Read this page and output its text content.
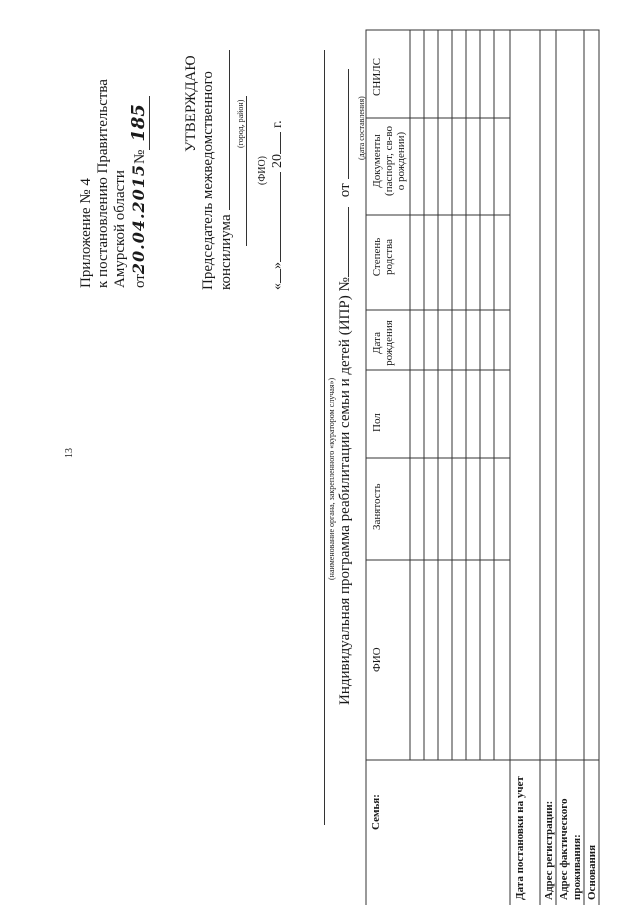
13
Приложение № 4 к постановлению Правительства Амурской области от20.04.2015№185 УТВЕРЖДАЮ Председатель межведомственного консилиума
(город, район)
(ФИО)
«»20г.
(наименование органа, закрепленного «куратором случая») Индивидуальная программа реабилитации семьи и детей (ИПР) №от
(дата составления)
Семья:
ФИО
Занятость
Пол
Дата рождения
Степень родства
Документы (паспорт, св-во о рождении)
СНИЛС
Дата постановки на учет Адрес регистрации: Адрес фактического проживания: Основания
